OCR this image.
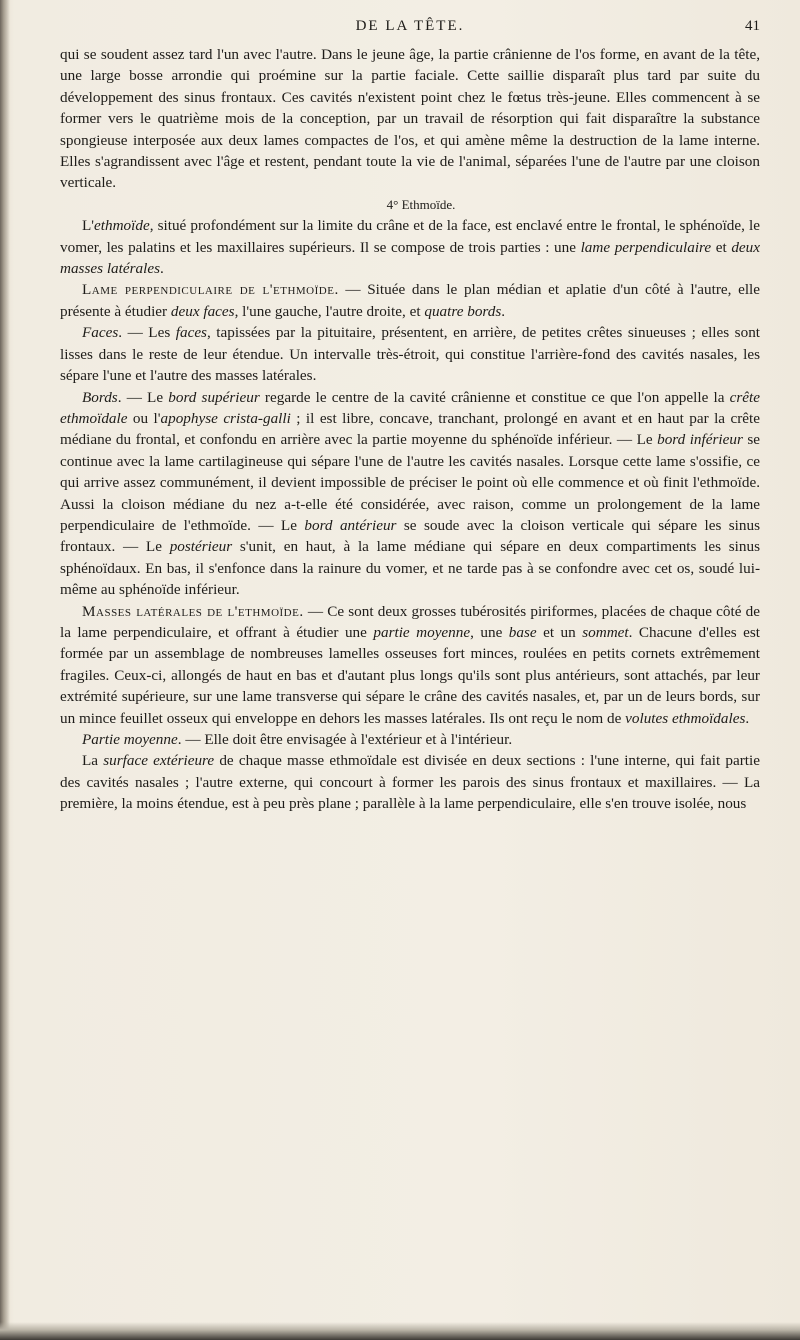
DE LA TÊTE.	41

qui se soudent assez tard l'un avec l'autre. Dans le jeune âge, la partie crânienne de l'os forme, en avant de la tête, une large bosse arrondie qui proémine sur la partie faciale. Cette saillie disparaît plus tard par suite du développement des sinus frontaux. Ces cavités n'existent point chez le fœtus très-jeune. Elles commencent à se former vers le quatrième mois de la conception, par un travail de résorption qui fait disparaître la substance spongieuse interposée aux deux lames compactes de l'os, et qui amène même la destruction de la lame interne. Elles s'agrandissent avec l'âge et restent, pendant toute la vie de l'animal, séparées l'une de l'autre par une cloison verticale.

4° Ethmoïde.

L'ethmoïde, situé profondément sur la limite du crâne et de la face, est enclavé entre le frontal, le sphénoïde, le vomer, les palatins et les maxillaires supérieurs. Il se compose de trois parties : une lame perpendiculaire et deux masses latérales.

Lame perpendiculaire de l'ethmoïde. — Située dans le plan médian et aplatie d'un côté à l'autre, elle présente à étudier deux faces, l'une gauche, l'autre droite, et quatre bords.

Faces. — Les faces, tapissées par la pituitaire, présentent, en arrière, de petites crêtes sinueuses ; elles sont lisses dans le reste de leur étendue. Un intervalle très-étroit, qui constitue l'arrière-fond des cavités nasales, les sépare l'une et l'autre des masses latérales.

Bords. — Le bord supérieur regarde le centre de la cavité crânienne et constitue ce que l'on appelle la crête ethmoïdale ou l'apophyse crista-galli ; il est libre, concave, tranchant, prolongé en avant et en haut par la crête médiane du frontal, et confondu en arrière avec la partie moyenne du sphénoïde inférieur. — Le bord inférieur se continue avec la lame cartilagineuse qui sépare l'une de l'autre les cavités nasales. Lorsque cette lame s'ossifie, ce qui arrive assez communément, il devient impossible de préciser le point où elle commence et où finit l'ethmoïde. Aussi la cloison médiane du nez a-t-elle été considérée, avec raison, comme un prolongement de la lame perpendiculaire de l'ethmoïde. — Le bord antérieur se soude avec la cloison verticale qui sépare les sinus frontaux. — Le postérieur s'unit, en haut, à la lame médiane qui sépare en deux compartiments les sinus sphénoïdaux. En bas, il s'enfonce dans la rainure du vomer, et ne tarde pas à se confondre avec cet os, soudé lui-même au sphénoïde inférieur.

Masses latérales de l'ethmoïde. — Ce sont deux grosses tubérosités piriformes, placées de chaque côté de la lame perpendiculaire, et offrant à étudier une partie moyenne, une base et un sommet. Chacune d'elles est formée par un assemblage de nombreuses lamelles osseuses fort minces, roulées en petits cornets extrêmement fragiles. Ceux-ci, allongés de haut en bas et d'autant plus longs qu'ils sont plus antérieurs, sont attachés, par leur extrémité supérieure, sur une lame transverse qui sépare le crâne des cavités nasales, et, par un de leurs bords, sur un mince feuillet osseux qui enveloppe en dehors les masses latérales. Ils ont reçu le nom de volutes ethmoïdales.

Partie moyenne. — Elle doit être envisagée à l'extérieur et à l'intérieur.

La surface extérieure de chaque masse ethmoïdale est divisée en deux sections : l'une interne, qui fait partie des cavités nasales ; l'autre externe, qui concourt à former les parois des sinus frontaux et maxillaires. — La première, la moins étendue, est à peu près plane ; parallèle à la lame perpendiculaire, elle s'en trouve isolée, nous
